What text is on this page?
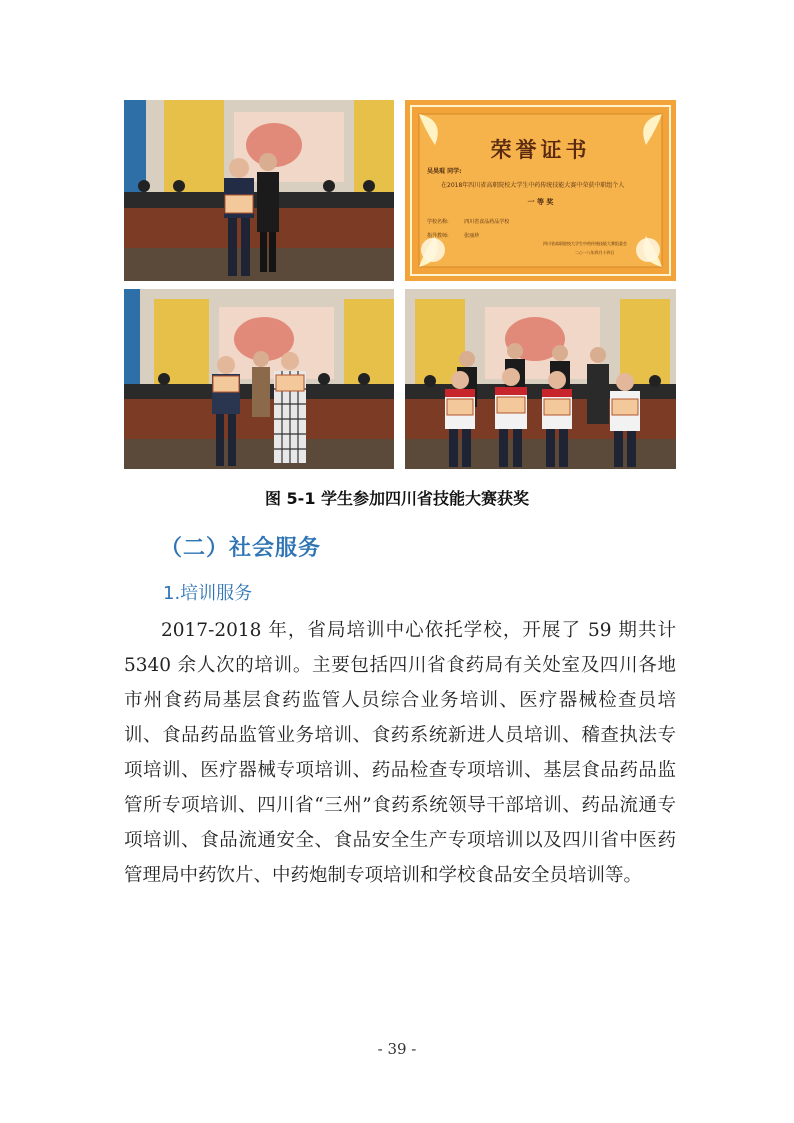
荣誉证书
吴昊琨 同学:
在2018年四川省高职院校大学生中药传统技能大赛中荣获中职组个人
一 等 奖
学校名称:	四川省食品药品学校
指导教师:	张丽珍
四川省高职院校大学生中药传统技能大赛组委会
二○一八年四月十四日
图 5-1 学生参加四川省技能大赛获奖
（二）社会服务
1.培训服务

2017-2018 年，省局培训中心依托学校，开展了 59 期共计 5340 余人次的培训。主要包括四川省食药局有关处室及四川各地市州食药局基层食药监管人员综合业务培训、医疗器械检查员培训、食品药品监管业务培训、食药系统新进人员培训、稽查执法专项培训、医疗器械专项培训、药品检查专项培训、基层食品药品监管所专项培训、四川省“三州”食药系统领导干部培训、药品流通专项培训、食品流通安全、食品安全生产专项培训以及四川省中医药管理局中药饮片、中药炮制专项培训和学校食品安全员培训等。

- 39 -
